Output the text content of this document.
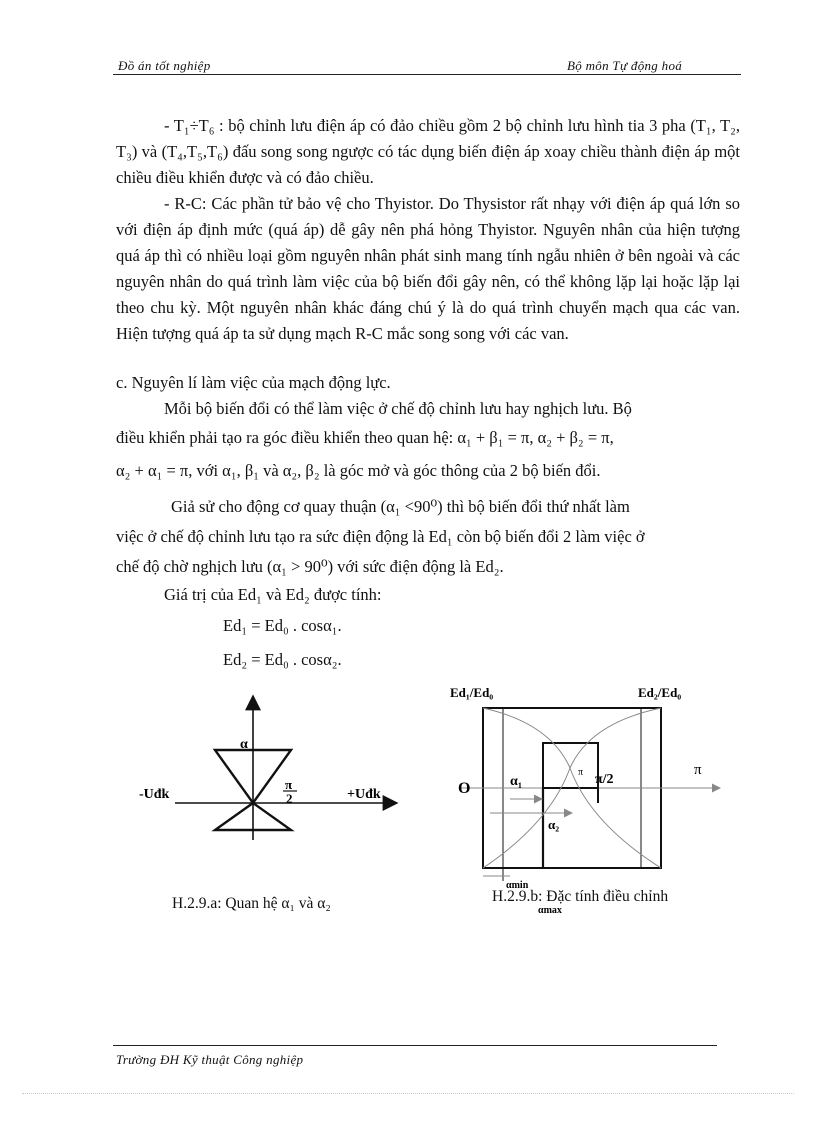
Đồ án tốt nghiệp	Bộ môn Tự động hoá

- T₁÷T₆ : bộ chỉnh lưu điện áp có đảo chiều gồm 2 bộ chỉnh lưu hình tia 3 pha (T₁, T₂, T₃) và (T₄,T₅,T₆) đấu song song ngược có tác dụng biến điện áp xoay chiều thành điện áp một chiều điều khiển được và có đảo chiều.

- R-C: Các phần tử bảo vệ cho Thyistor. Do Thysistor rất nhạy với điện áp quá lớn so với điện áp định mức (quá áp) dễ gây nên phá hỏng Thyistor. Nguyên nhân của hiện tượng quá áp thì có nhiều loại gồm nguyên nhân phát sinh mang tính ngẫu nhiên ở bên ngoài và các nguyên nhân do quá trình làm việc của bộ biến đổi gây nên, có thể không lặp lại hoặc lặp lại theo chu kỳ. Một nguyên nhân khác đáng chú ý là do quá trình chuyển mạch qua các van. Hiện tượng quá áp ta sử dụng mạch R-C mắc song song với các van.

c. Nguyên lí làm việc của mạch động lực.
Mỗi bộ biến đổi có thể làm việc ở chế độ chỉnh lưu hay nghịch lưu. Bộ
điều khiển phải tạo ra góc điều khiển theo quan hệ: α₁ + β₁ = π, α₂ + β₂ = π,
α₂ + α₁ = π, với α₁, β₁ và α₂, β₂ là góc mở và góc thông của 2 bộ biến đổi.
Giả sử cho động cơ quay thuận (α₁ <90⁰) thì bộ biến đổi thứ nhất làm
việc ở chế độ chỉnh lưu tạo ra sức điện động là Ed₁ còn bộ biến đổi 2 làm việc ở
chế độ chờ nghịch lưu (α₁ > 90⁰) với sức điện động là Ed₂.
Giá trị của Ed₁ và Ed₂ được tính:
Ed₁ = Ed₀ . cosα₁.
Ed₂ = Ed₀ . cosα₂.
α
-Uđk	+Uđk
π
2
H.2.9.a: Quan hệ α₁ và α₂
Ed₁/Ed₀	Ed₂/Ed₀
O
π
π/2
π
α₁
α₂
αmin
αmax
H.2.9.b: Đặc tính điều chỉnh
Trường ĐH Kỹ thuật Công nghiệp
